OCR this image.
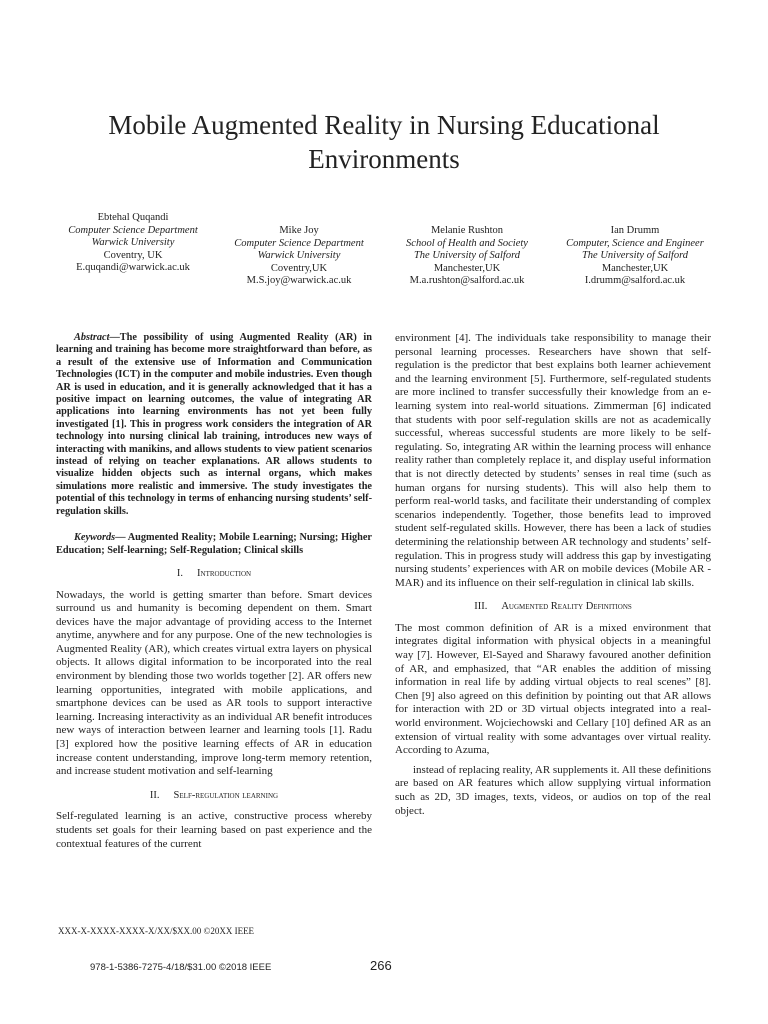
Mobile Augmented Reality in Nursing Educational Environments
Ebtehal Quqandi
Computer Science Department
Warwick University
Coventry, UK
E.quqandi@warwick.ac.uk
Mike Joy
Computer Science Department
Warwick University
Coventry,UK
M.S.joy@warwick.ac.uk
Melanie Rushton
School of Health and Society
The University of Salford
Manchester,UK
M.a.rushton@salford.ac.uk
Ian Drumm
Computer, Science and Engineer
The University of Salford
Manchester,UK
I.drumm@salford.ac.uk

Abstract—The possibility of using Augmented Reality (AR) in learning and training has become more straightforward than before, as a result of the extensive use of Information and Communication Technologies (ICT) in the computer and mobile industries. Even though AR is used in education, and it is generally acknowledged that it has a positive impact on learning outcomes, the value of integrating AR applications into learning environments has not yet been fully investigated [1]. This in progress work considers the integration of AR technology into nursing clinical lab training, introduces new ways of interacting with manikins, and allows students to view patient scenarios instead of relying on teacher explanations. AR allows students to visualize hidden objects such as internal organs, which makes simulations more realistic and immersive. The study investigates the potential of this technology in terms of enhancing nursing students’ self-regulation skills.

Keywords— Augmented Reality; Mobile Learning; Nursing; Higher Education; Self-learning; Self-Regulation; Clinical skills

I. Introduction

Nowadays, the world is getting smarter than before. Smart devices surround us and humanity is becoming dependent on them. Smart devices have the major advantage of providing access to the Internet anytime, anywhere and for any purpose. One of the new technologies is Augmented Reality (AR), which creates virtual extra layers on physical objects. It allows digital information to be incorporated into the real environment by blending those two worlds together [2]. AR offers new learning opportunities, integrated with mobile applications, and smartphone devices can be used as AR tools to support interactive learning. Increasing interactivity as an individual AR benefit introduces new ways of interaction between learner and learning tools [1]. Radu [3] explored how the positive learning effects of AR in education increase content understanding, improve long-term memory retention, and increase student motivation and self-learning

II. Self-regulation learning

Self-regulated learning is an active, constructive process whereby students set goals for their learning based on past experience and the contextual features of the current

environment [4]. The individuals take responsibility to manage their personal learning processes. Researchers have shown that self-regulation is the predictor that best explains both learner achievement and the learning environment [5]. Furthermore, self-regulated students are more inclined to transfer successfully their knowledge from an e-learning system into real-world situations. Zimmerman [6] indicated that students with poor self-regulation skills are not as academically successful, whereas successful students are more likely to be self-regulating. So, integrating AR within the learning process will enhance reality rather than completely replace it, and display useful information that is not directly detected by students’ senses in real time (such as human organs for nursing students). This will also help them to perform real-world tasks, and facilitate their understanding of complex scenarios independently. Together, those benefits lead to improved student self-regulated skills. However, there has been a lack of studies determining the relationship between AR technology and students’ self-regulation. This in progress study will address this gap by investigating nursing students’ experiences with AR on mobile devices (Mobile AR - MAR) and its influence on their self-regulation in clinical lab skills.

III. Augmented Reality Definitions

The most common definition of AR is a mixed environment that integrates digital information with physical objects in a meaningful way [7]. However, El-Sayed and Sharawy favoured another definition of AR, and emphasized, that “AR enables the addition of missing information in real life by adding virtual objects to real scenes” [8]. Chen [9] also agreed on this definition by pointing out that AR allows for interaction with 2D or 3D virtual objects integrated into a real-world environment. Wojciechowski and Cellary [10] defined AR as an extension of virtual reality with some advantages over virtual reality. According to Azuma,

instead of replacing reality, AR supplements it. All these definitions are based on AR features which allow supplying virtual information such as 2D, 3D images, texts, videos, or audios on top of the real object.

XXX-X-XXXX-XXXX-X/XX/$XX.00 ©20XX IEEE
978-1-5386-7275-4/18/$31.00 ©2018 IEEE	266
